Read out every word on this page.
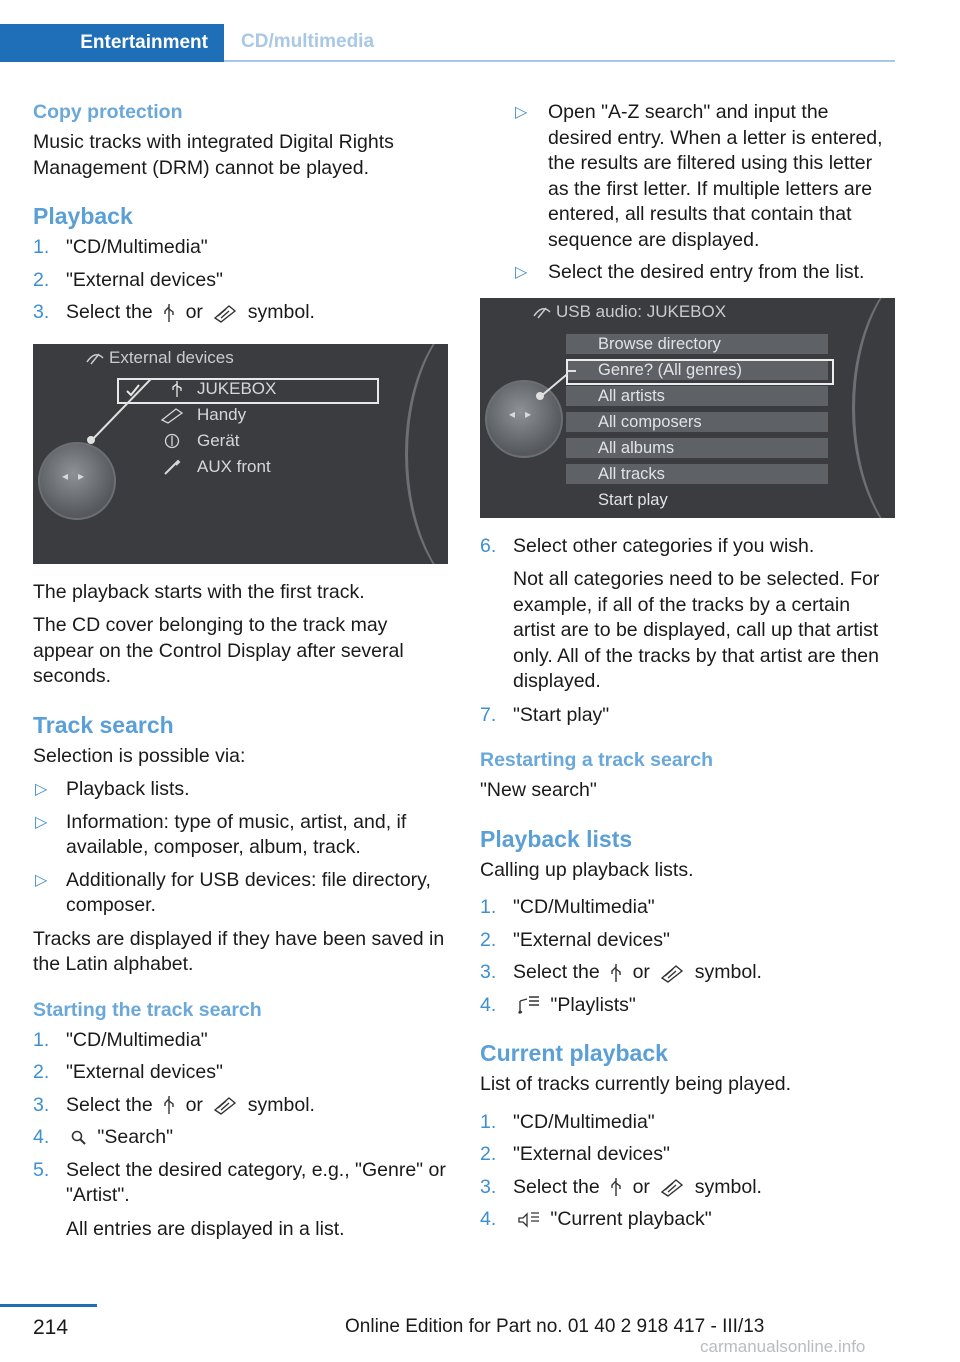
Entertainment	CD/multimedia
Copy protection

Music tracks with integrated Digital Rights Management (DRM) cannot be played.

Playback
1. "CD/Multimedia"
2. "External devices"
3. Select the or symbol.
External devices
JUKEBOX
Handy
Gerät
AUX front
◂▸

The playback starts with the first track.

The CD cover belonging to the track may appear on the Control Display after several seconds.

Track search

Selection is possible via:

▷ Playback lists.
▷ Information: type of music, artist, and, if available, composer, album, track.
▷ Additionally for USB devices: file directory, composer.

Tracks are displayed if they have been saved in the Latin alphabet.

Starting the track search
1. "CD/Multimedia"
2. "External devices"
3. Select the or symbol.
4. "Search"
5. Select the desired category, e.g., "Genre" or "Artist".

All entries are displayed in a list.

▷ Open "A-Z search" and input the desired entry. When a letter is entered, the results are filtered using this letter as the first letter. If multiple letters are entered, all results that contain that sequence are displayed.
▷ Select the desired entry from the list.
USB audio: JUKEBOX
Browse directory
Genre? (All genres)
All artists
All composers
All albums
All tracks
Start play
◂▸
6. Select other categories if you wish.

Not all categories need to be selected. For example, if all of the tracks by a certain artist are to be displayed, call up that artist only. All of the tracks by that artist are then displayed.

7. "Start play"
Restarting a track search

"New search"

Playback lists

Calling up playback lists.

1. "CD/Multimedia"
2. "External devices"
3. Select the or symbol.
4.	"Playlists"
Current playback

List of tracks currently being played.

1. "CD/Multimedia"
2. "External devices"
3. Select the or symbol.
4.	"Current playback"
214	Online Edition for Part no. 01 40 2 918 417 - III/13
carmanualsonline.info
